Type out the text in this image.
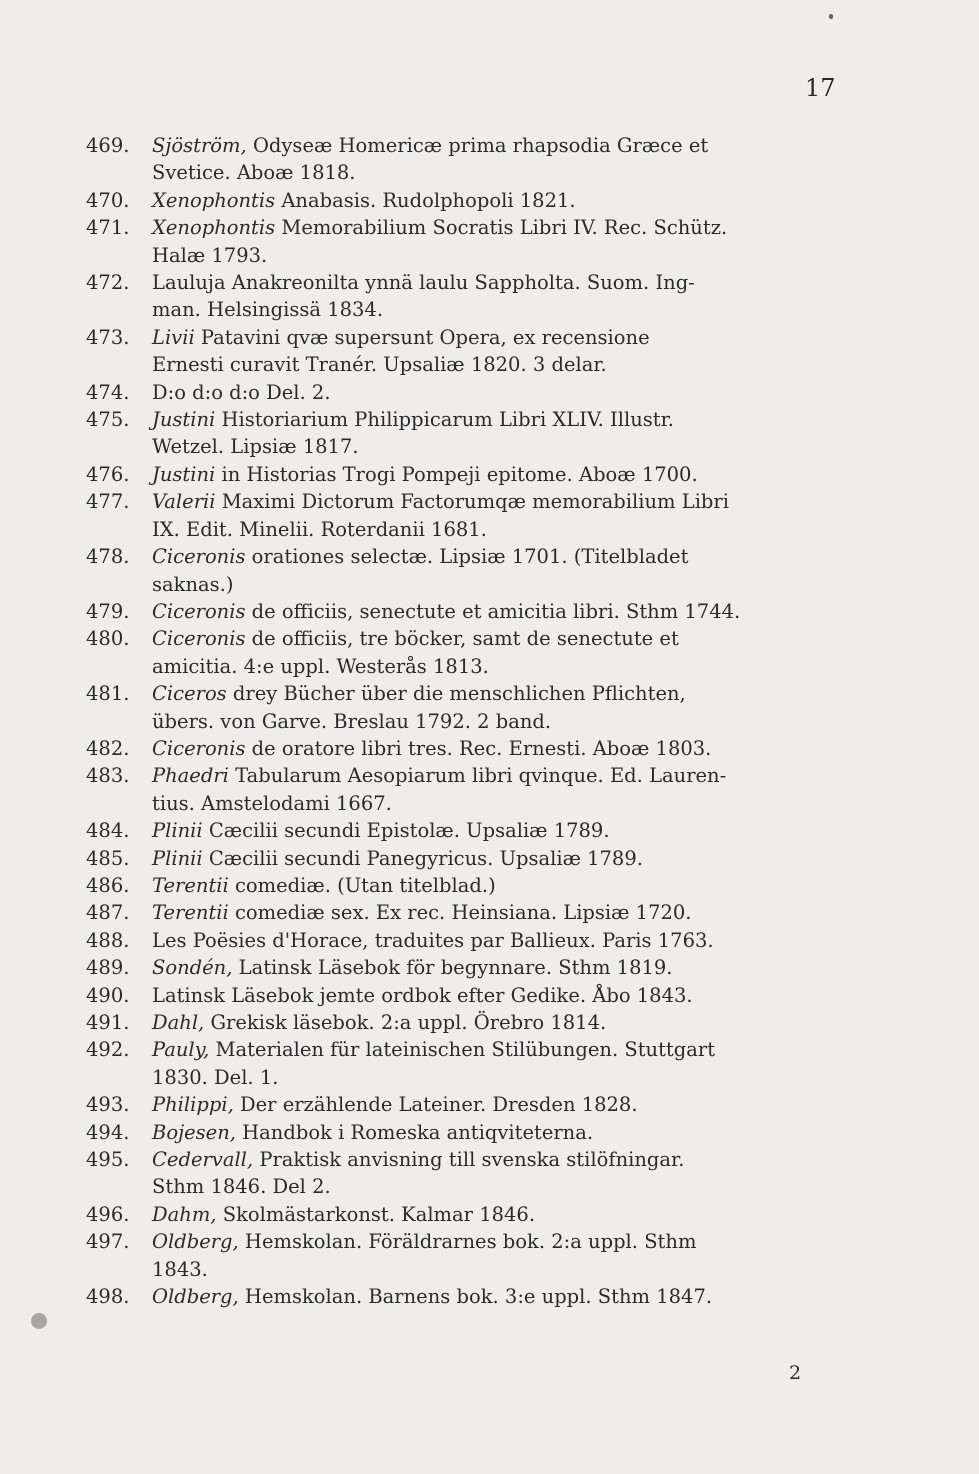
17
469.	Sjöström, Odyseæ Homericæ prima rhapsodia Græce et
Svetice. Aboæ 1818.
470.	Xenophontis Anabasis. Rudolphopoli 1821.
471.	Xenophontis Memorabilium Socratis Libri IV. Rec. Schütz.
Halæ 1793.
472.	Lauluja Anakreonilta ynnä laulu Sappholta. Suom. Ing-
man. Helsingissä 1834.
473.	Livii Patavini qvæ supersunt Opera, ex recensione
Ernesti curavit Tranér. Upsaliæ 1820. 3 delar.
474.	D:o d:o d:o Del. 2.
475.	Justini Historiarium Philippicarum Libri XLIV. Illustr.
Wetzel. Lipsiæ 1817.
476.	Justini in Historias Trogi Pompeji epitome. Aboæ 1700.
477.	Valerii Maximi Dictorum Factorumqæ memorabilium Libri
IX. Edit. Minelii. Roterdanii 1681.
478.	Ciceronis orationes selectæ. Lipsiæ 1701. (Titelbladet
saknas.)
479.	Ciceronis de officiis, senectute et amicitia libri. Sthm 1744.
480.	Ciceronis de officiis, tre böcker, samt de senectute et
amicitia. 4:e uppl. Westerås 1813.
481.	Ciceros drey Bücher über die menschlichen Pflichten,
übers. von Garve. Breslau 1792. 2 band.
482.	Ciceronis de oratore libri tres. Rec. Ernesti. Aboæ 1803.
483.	Phaedri Tabularum Aesopiarum libri qvinque. Ed. Lauren-
tius. Amstelodami 1667.
484.	Plinii Cæcilii secundi Epistolæ. Upsaliæ 1789.
485.	Plinii Cæcilii secundi Panegyricus. Upsaliæ 1789.
486.	Terentii comediæ. (Utan titelblad.)
487.	Terentii comediæ sex. Ex rec. Heinsiana. Lipsiæ 1720.
488.	Les Poësies d'Horace, traduites par Ballieux. Paris 1763.
489.	Sondén, Latinsk Läsebok för begynnare. Sthm 1819.
490.	Latinsk Läsebok jemte ordbok efter Gedike. Åbo 1843.
491.	Dahl, Grekisk läsebok. 2:a uppl. Örebro 1814.
492.	Pauly, Materialen für lateinischen Stilübungen. Stuttgart
1830. Del. 1.
493.	Philippi, Der erzählende Lateiner. Dresden 1828.
494.	Bojesen, Handbok i Romeska antiqviteterna.
495.	Cedervall, Praktisk anvisning till svenska stilöfningar.
Sthm 1846. Del 2.
496.	Dahm, Skolmästarkonst. Kalmar 1846.
497.	Oldberg, Hemskolan. Föräldrarnes bok. 2:a uppl. Sthm
1843.
498.	Oldberg, Hemskolan. Barnens bok. 3:e uppl. Sthm 1847.
2
